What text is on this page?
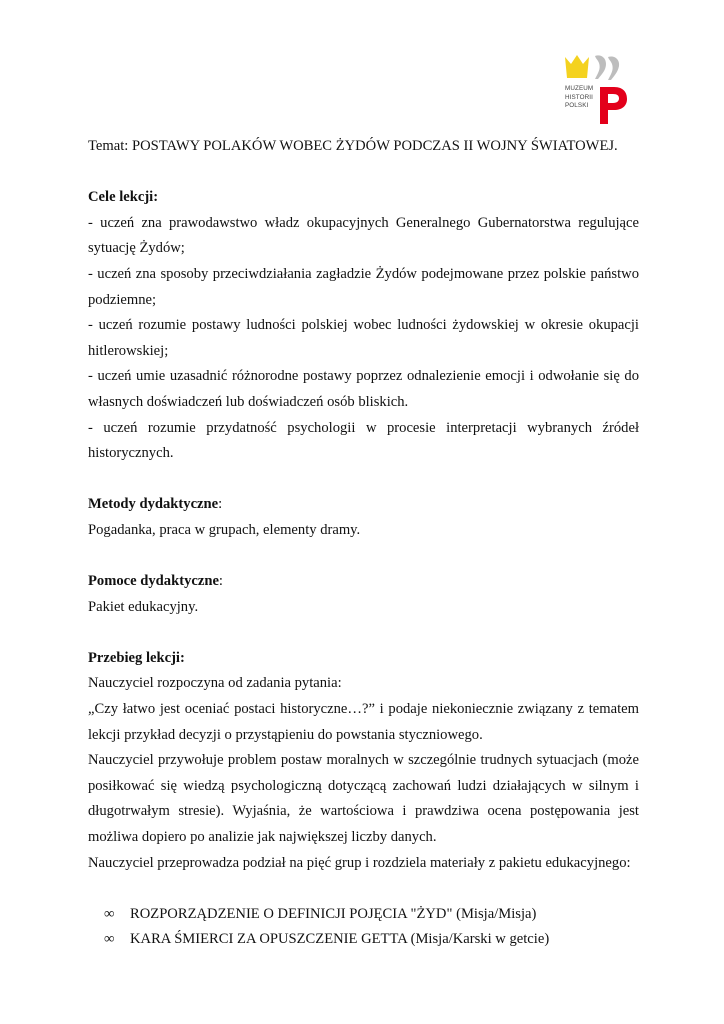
MUZEUM
HISTORII
POLSKI
Temat: POSTAWY POLAKÓW WOBEC ŻYDÓW PODCZAS II WOJNY ŚWIATOWEJ.
Cele lekcji:
- uczeń zna prawodawstwo władz okupacyjnych Generalnego Gubernatorstwa regulujące sytuację Żydów;
- uczeń zna sposoby przeciwdziałania zagładzie Żydów podejmowane przez polskie państwo podziemne;
- uczeń rozumie postawy ludności polskiej wobec ludności żydowskiej w okresie okupacji hitlerowskiej;
- uczeń umie uzasadnić różnorodne postawy poprzez odnalezienie emocji i odwołanie się do własnych doświadczeń lub doświadczeń osób bliskich.
- uczeń rozumie przydatność psychologii w procesie interpretacji wybranych źródeł historycznych.
Metody dydaktyczne:
Pogadanka, praca w grupach, elementy dramy.
Pomoce dydaktyczne:
Pakiet edukacyjny.
Przebieg lekcji:
Nauczyciel rozpoczyna od zadania pytania:
„Czy łatwo jest oceniać postaci historyczne…?” i podaje niekoniecznie związany z tematem lekcji przykład decyzji o przystąpieniu do powstania styczniowego.
Nauczyciel przywołuje problem postaw moralnych w szczególnie trudnych sytuacjach (może posiłkować się wiedzą psychologiczną dotyczącą zachowań ludzi działających w silnym i długotrwałym stresie). Wyjaśnia, że wartościowa i prawdziwa ocena postępowania jest możliwa dopiero po analizie jak największej liczby danych.
Nauczyciel przeprowadza podział na pięć grup i rozdziela materiały z pakietu edukacyjnego:
∞	ROZPORZĄDZENIE O DEFINICJI POJĘCIA "ŻYD" (Misja/Misja)
∞	KARA ŚMIERCI ZA OPUSZCZENIE GETTA (Misja/Karski w getcie)
